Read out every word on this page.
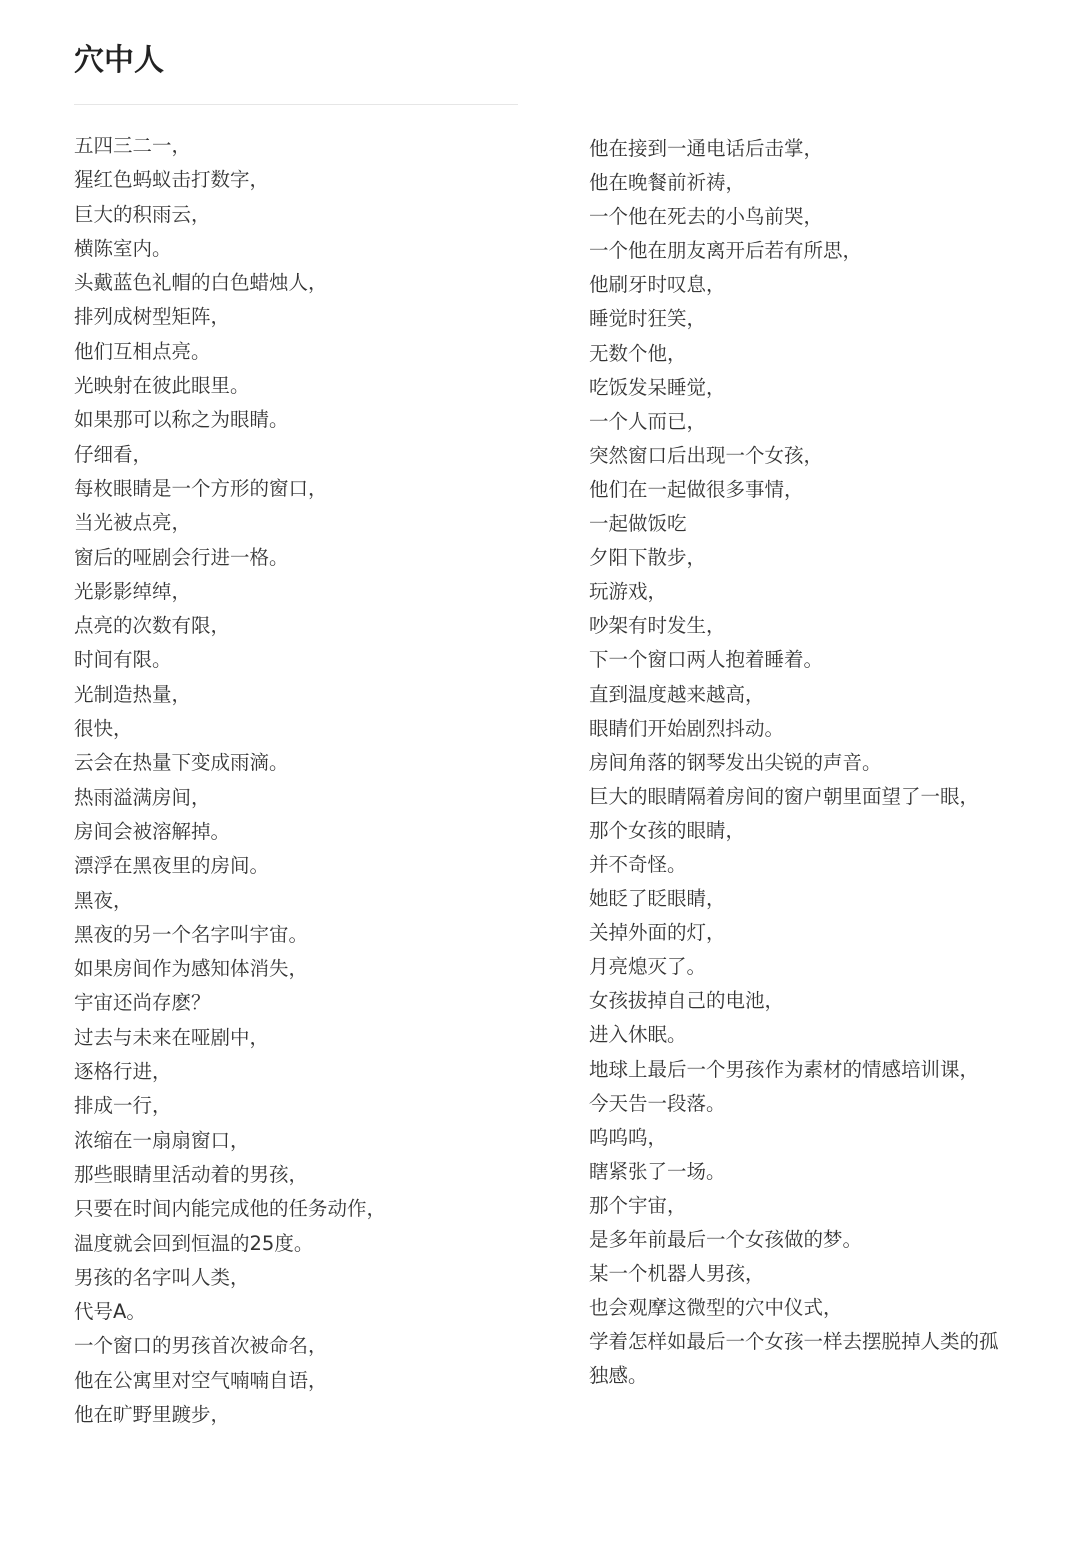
穴中人
五四三二一，
猩红色蚂蚁击打数字，
巨大的积雨云，
横陈室内。
头戴蓝色礼帽的白色蜡烛人，
排列成树型矩阵，
他们互相点亮。
光映射在彼此眼里。
如果那可以称之为眼睛。
仔细看，
每枚眼睛是一个方形的窗口，
当光被点亮，
窗后的哑剧会行进一格。
光影影绰绰，
点亮的次数有限，
时间有限。
光制造热量，
很快，
云会在热量下变成雨滴。
热雨溢满房间，
房间会被溶解掉。
漂浮在黑夜里的房间。
黑夜，
黑夜的另一个名字叫宇宙。
如果房间作为感知体消失，
宇宙还尚存麽？
过去与未来在哑剧中，
逐格行进，
排成一行，
浓缩在一扇扇窗口，
那些眼睛里活动着的男孩，
只要在时间内能完成他的任务动作，
温度就会回到恒温的25度。
男孩的名字叫人类，
代号A。
一个窗口的男孩首次被命名，
他在公寓里对空气喃喃自语，
他在旷野里踱步，
他在接到一通电话后击掌，
他在晚餐前祈祷，
一个他在死去的小鸟前哭，
一个他在朋友离开后若有所思，
他刷牙时叹息，
睡觉时狂笑，
无数个他，
吃饭发呆睡觉，
一个人而已，
突然窗口后出现一个女孩，
他们在一起做很多事情，
一起做饭吃
夕阳下散步，
玩游戏，
吵架有时发生，
下一个窗口两人抱着睡着。
直到温度越来越高，
眼睛们开始剧烈抖动。
房间角落的钢琴发出尖锐的声音。
巨大的眼睛隔着房间的窗户朝里面望了一眼，
那个女孩的眼睛，
并不奇怪。
她眨了眨眼睛，
关掉外面的灯，
月亮熄灭了。
女孩拔掉自己的电池，
进入休眠。
地球上最后一个男孩作为素材的情感培训课，
今天告一段落。
呜呜呜，
瞎紧张了一场。
那个宇宙，
是多年前最后一个女孩做的梦。
某一个机器人男孩，
也会观摩这微型的穴中仪式，
学着怎样如最后一个女孩一样去摆脱掉人类的孤
独感。
